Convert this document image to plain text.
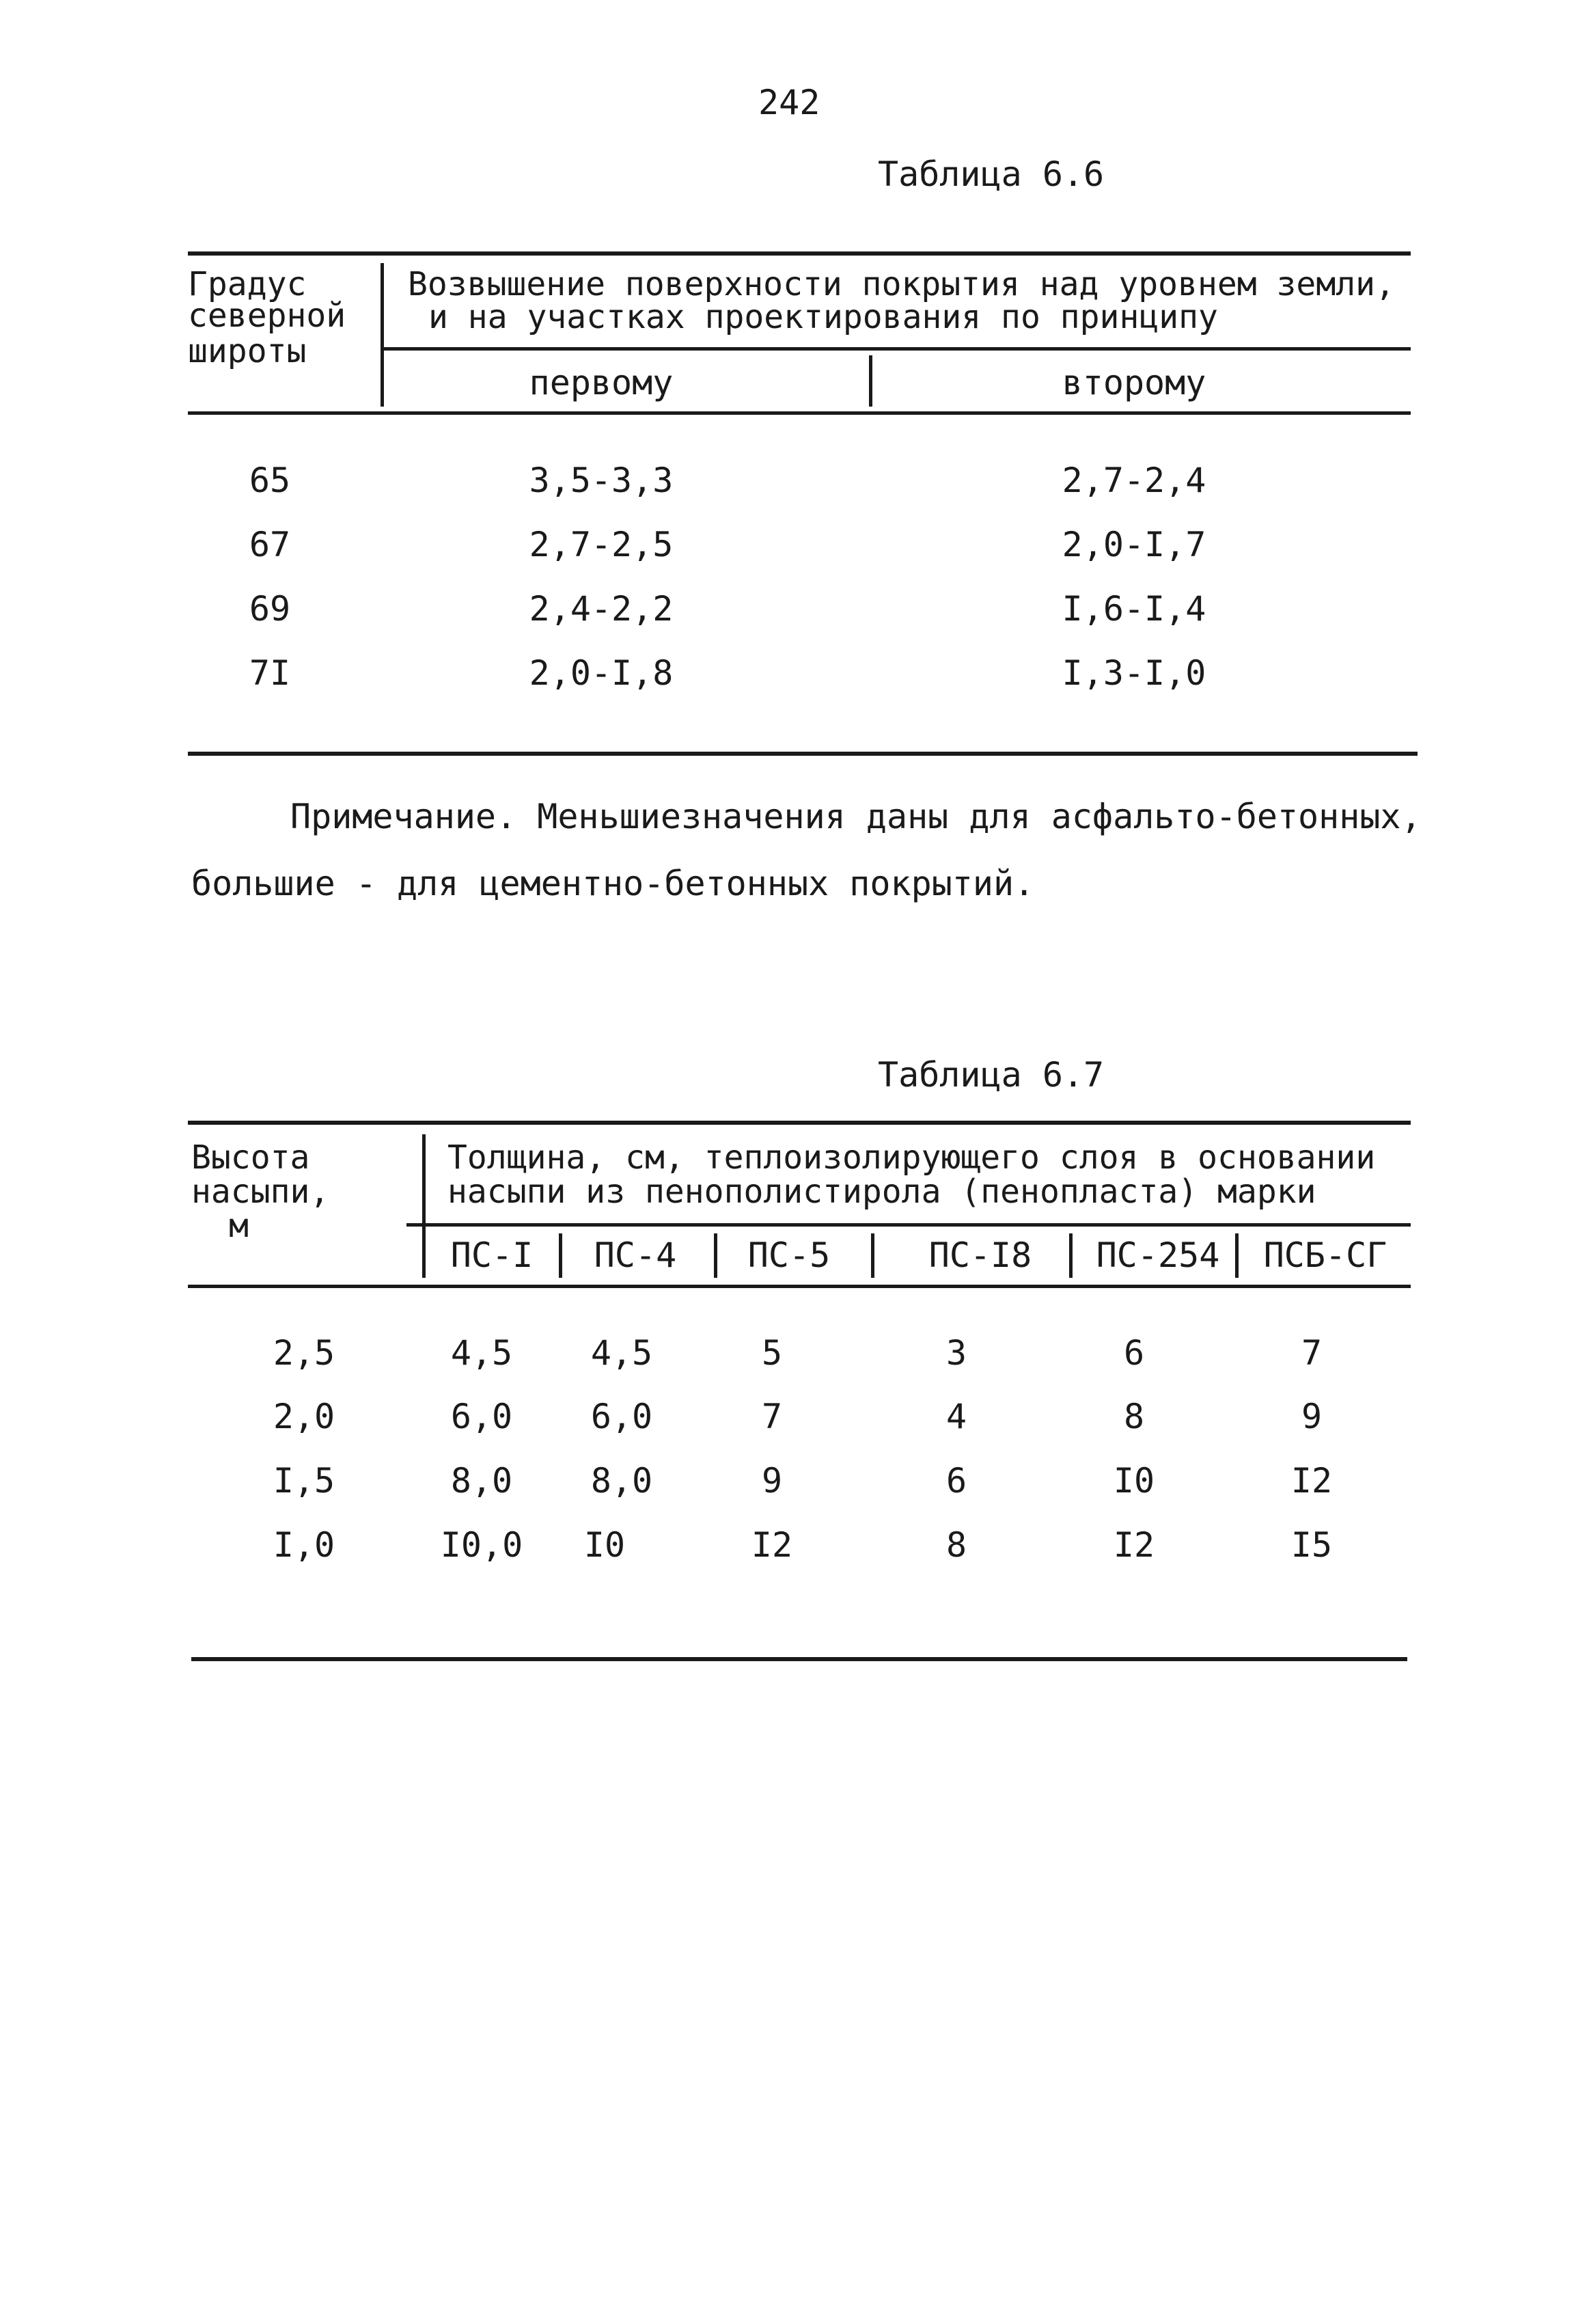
242
Таблица 6.6
Градус
северной
широты
Возвышение поверхности покрытия над уровнем земли,
и на участках проектирования по принципу
первому	второму
65	3,5-3,3	2,7-2,4
67	2,7-2,5	2,0-I,7
69	2,4-2,2	I,6-I,4
7I	2,0-I,8	I,3-I,0
Примечание. Меньшиезначения даны для асфальто-бетонных,
большие - для цементно-бетонных покрытий.
Таблица 6.7
Высота
насыпи,
м
Толщина, см, теплоизолирующего слоя в основании
насыпи из пенополистирола (пенопласта) марки
ПС-I	ПС-4	ПС-5	ПС-I8	ПС-254 ПСБ-СГ
2,5	4,5	4,5	5	3	6	7
2,0	6,0	6,0	7	4	8	9
I,5	8,0	8,0	9	6	I0	I2
I,0	I0,0	I0	I2	8	I2	I5
